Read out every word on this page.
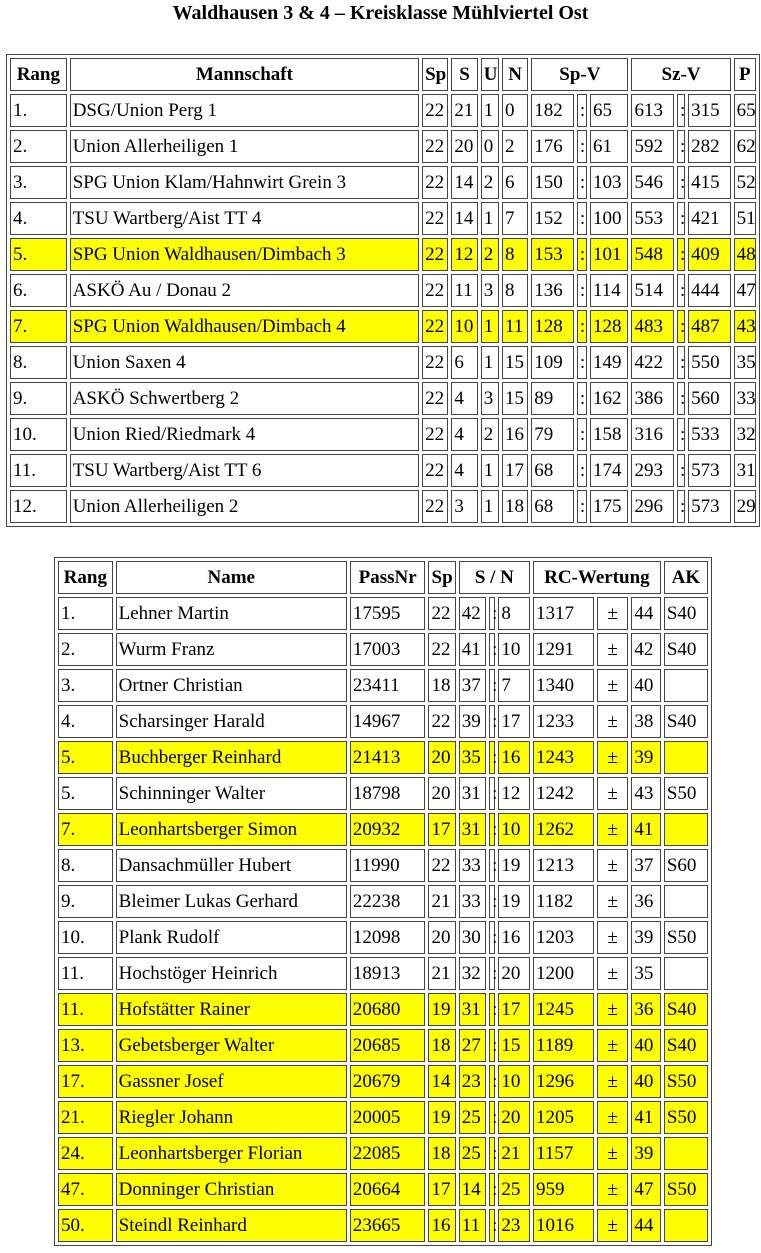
Waldhausen 3 & 4 – Kreisklasse Mühlviertel Ost
Rang	Mannschaft	Sp	S	U	N	Sp-V			Sz-V			P
1.	DSG/Union Perg 1	22	21	1	0	182	:	65	613	:	315	65
2.	Union Allerheiligen 1	22	20	0	2	176	:	61	592	:	282	62
3.	SPG Union Klam/Hahnwirt Grein 3	22	14	2	6	150	:	103	546	:	415	52
4.	TSU Wartberg/Aist TT 4	22	14	1	7	152	:	100	553	:	421	51
5.	SPG Union Waldhausen/Dimbach 3	22	12	2	8	153	:	101	548	:	409	48
6.	ASKÖ Au / Donau 2	22	11	3	8	136	:	114	514	:	444	47
7.	SPG Union Waldhausen/Dimbach 4	22	10	1	11	128	:	128	483	:	487	43
8.	Union Saxen 4	22	6	1	15	109	:	149	422	:	550	35
9.	ASKÖ Schwertberg 2	22	4	3	15	89	:	162	386	:	560	33
10.	Union Ried/Riedmark 4	22	4	2	16	79	:	158	316	:	533	32
11.	TSU Wartberg/Aist TT 6	22	4	1	17	68	:	174	293	:	573	31
12.	Union Allerheiligen 2	22	3	1	18	68	:	175	296	:	573	29
Rang	Name	PassNr	Sp	S / N			RC-Wertung			AK
1.	Lehner Martin	17595	22	42	:	8	1317	±	44	S40
2.	Wurm Franz	17003	22	41	:	10	1291	±	42	S40
3.	Ortner Christian	23411	18	37	:	7	1340	±	40	
4.	Scharsinger Harald	14967	22	39	:	17	1233	±	38	S40
5.	Buchberger Reinhard	21413	20	35	:	16	1243	±	39	
5.	Schinninger Walter	18798	20	31	:	12	1242	±	43	S50
7.	Leonhartsberger Simon	20932	17	31	:	10	1262	±	41	
8.	Dansachmüller Hubert	11990	22	33	:	19	1213	±	37	S60
9.	Bleimer Lukas Gerhard	22238	21	33	:	19	1182	±	36	
10.	Plank Rudolf	12098	20	30	:	16	1203	±	39	S50
11.	Hochstöger Heinrich	18913	21	32	:	20	1200	±	35	
11.	Hofstätter Rainer	20680	19	31	:	17	1245	±	36	S40
13.	Gebetsberger Walter	20685	18	27	:	15	1189	±	40	S40
17.	Gassner Josef	20679	14	23	:	10	1296	±	40	S50
21.	Riegler Johann	20005	19	25	:	20	1205	±	41	S50
24.	Leonhartsberger Florian	22085	18	25	:	21	1157	±	39	
47.	Donninger Christian	20664	17	14	:	25	959	±	47	S50
50.	Steindl Reinhard	23665	16	11	:	23	1016	±	44	
